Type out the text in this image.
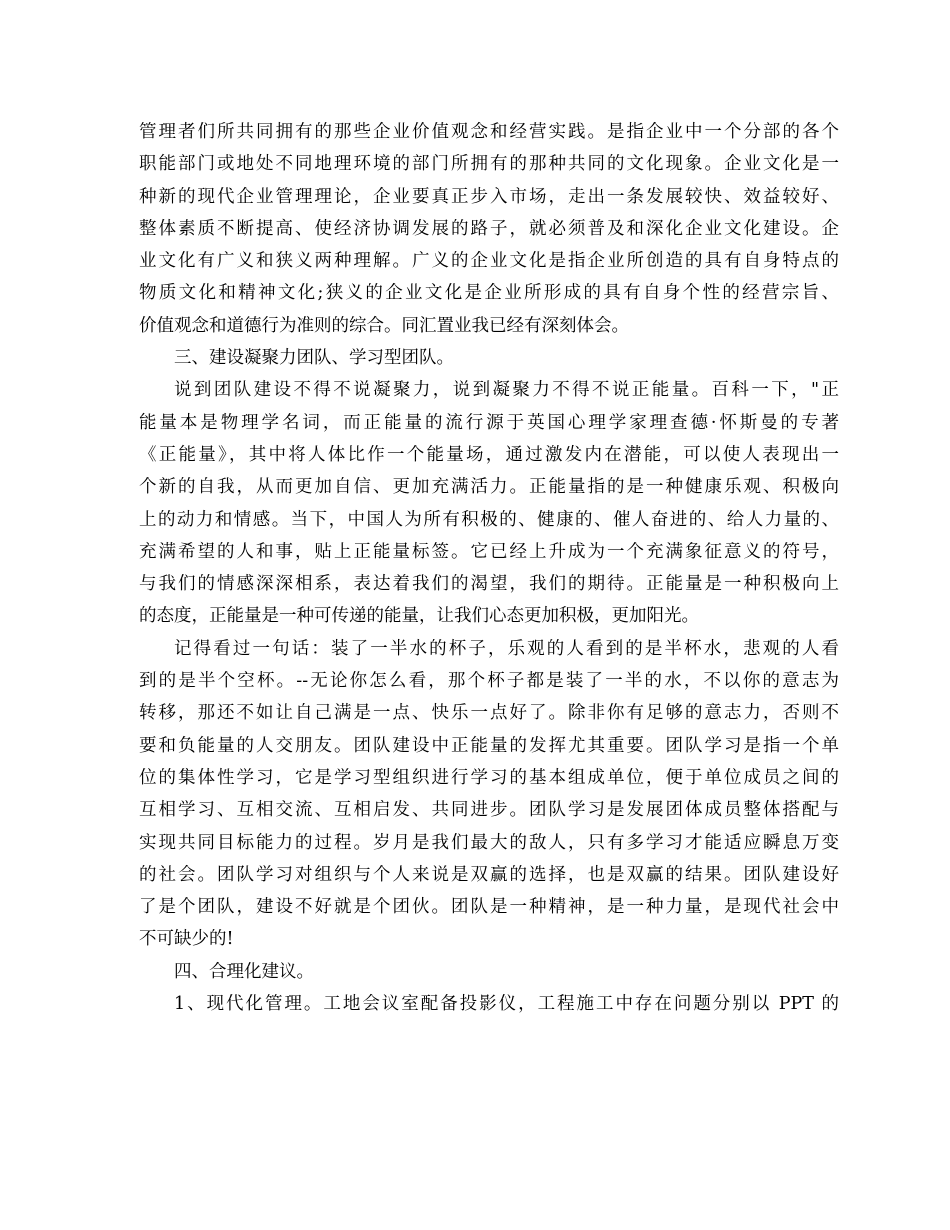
管理者们所共同拥有的那些企业价值观念和经营实践。是指企业中一个分部的各个
职能部门或地处不同地理环境的部门所拥有的那种共同的文化现象。企业文化是一
种新的现代企业管理理论，企业要真正步入市场，走出一条发展较快、效益较好、
整体素质不断提高、使经济协调发展的路子，就必须普及和深化企业文化建设。企
业文化有广义和狭义两种理解。广义的企业文化是指企业所创造的具有自身特点的
物质文化和精神文化;狭义的企业文化是企业所形成的具有自身个性的经营宗旨、
价值观念和道德行为准则的综合。同汇置业我已经有深刻体会。
三、建设凝聚力团队、学习型团队。
说到团队建设不得不说凝聚力，说到凝聚力不得不说正能量。百科一下，"正
能量本是物理学名词，而正能量的流行源于英国心理学家理查德·怀斯曼的专著
《正能量》，其中将人体比作一个能量场，通过激发内在潜能，可以使人表现出一
个新的自我，从而更加自信、更加充满活力。正能量指的是一种健康乐观、积极向
上的动力和情感。当下，中国人为所有积极的、健康的、催人奋进的、给人力量的、
充满希望的人和事，贴上正能量标签。它已经上升成为一个充满象征意义的符号，
与我们的情感深深相系，表达着我们的渴望，我们的期待。正能量是一种积极向上
的态度，正能量是一种可传递的能量，让我们心态更加积极，更加阳光。
记得看过一句话：装了一半水的杯子，乐观的人看到的是半杯水，悲观的人看
到的是半个空杯。--无论你怎么看，那个杯子都是装了一半的水，不以你的意志为
转移，那还不如让自己满是一点、快乐一点好了。除非你有足够的意志力，否则不
要和负能量的人交朋友。团队建设中正能量的发挥尤其重要。团队学习是指一个单
位的集体性学习，它是学习型组织进行学习的基本组成单位，便于单位成员之间的
互相学习、互相交流、互相启发、共同进步。团队学习是发展团体成员整体搭配与
实现共同目标能力的过程。岁月是我们最大的敌人，只有多学习才能适应瞬息万变
的社会。团队学习对组织与个人来说是双赢的选择，也是双赢的结果。团队建设好
了是个团队，建设不好就是个团伙。团队是一种精神，是一种力量，是现代社会中
不可缺少的!
四、合理化建议。
1、现代化管理。工地会议室配备投影仪，工程施工中存在问题分别以 PPT 的
